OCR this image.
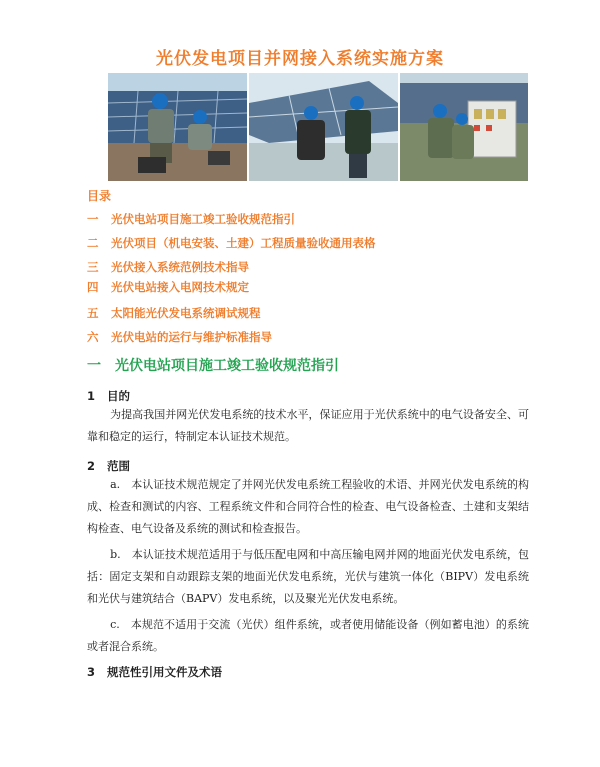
光伏发电项目并网接入系统实施方案
目录
一 光伏电站项目施工竣工验收规范指引
二 光伏项目（机电安装、土建）工程质量验收通用表格
三 光伏接入系统范例技术指导
四 光伏电站接入电网技术规定
五 太阳能光伏发电系统调试规程
六 光伏电站的运行与维护标准指导
一 光伏电站项目施工竣工验收规范指引
1 目的

为提高我国并网光伏发电系统的技术水平，保证应用于光伏系统中的电气设备安全、可靠和稳定的运行，特制定本认证技术规范。

2 范围

a.　本认证技术规范规定了并网光伏发电系统工程验收的术语、并网光伏发电系统的构成、检查和测试的内容、工程系统文件和合同符合性的检查、电气设备检查、土建和支架结构检查、电气设备及系统的测试和检查报告。

b.　本认证技术规范适用于与低压配电网和中高压输电网并网的地面光伏发电系统，包括：固定支架和自动跟踪支架的地面光伏发电系统，光伏与建筑一体化（BIPV）发电系统和光伏与建筑结合（BAPV）发电系统，以及聚光光伏发电系统。

c.　本规范不适用于交流（光伏）组件系统，或者使用储能设备（例如蓄电池）的系统或者混合系统。

3 规范性引用文件及术语
